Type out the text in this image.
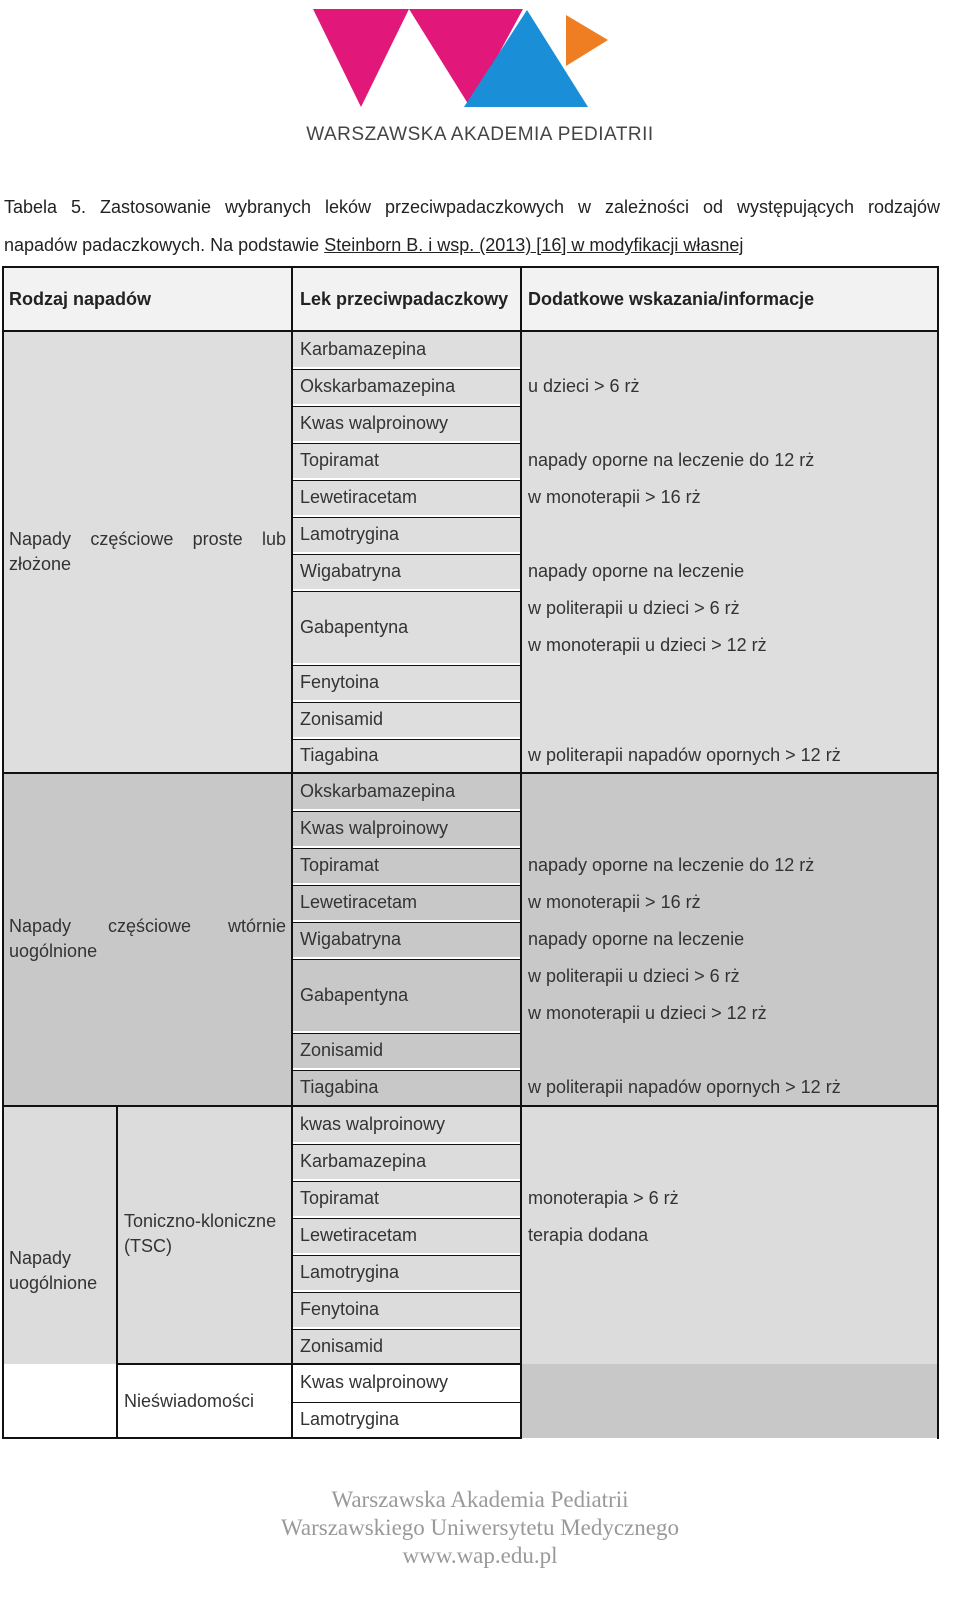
WARSZAWSKA AKADEMIA PEDIATRII
Tabela 5. Zastosowanie wybranych leków przeciwpadaczkowych w zależności od występujących rodzajów
napadów padaczkowych. Na podstawie Steinborn B. i wsp. (2013) [16] w modyfikacji własnej
Rodzaj napadów	Lek przeciwpadaczkowy	Dodatkowe wskazania/informacje
Napady częściowe proste lub złożone
Napady częściowe wtórnie uogólnione
Napady uogólnione
Toniczno-kloniczne (TSC)
Nieświadomości
Karbamazepina
Okskarbamazepina
Kwas walproinowy
Topiramat
Lewetiracetam
Lamotrygina
Wigabatryna
Gabapentyna
Fenytoina
Zonisamid
Tiagabina
u dzieci > 6 rż
napady oporne na leczenie do 12 rż
w monoterapii > 16 rż
napady oporne na leczenie
w politerapii u dzieci > 6 rż
w monoterapii u dzieci > 12 rż
w politerapii napadów opornych > 12 rż
Okskarbamazepina
Kwas walproinowy
Topiramat
Lewetiracetam
Wigabatryna
Gabapentyna
Zonisamid
Tiagabina
napady oporne na leczenie do 12 rż
w monoterapii > 16 rż
napady oporne na leczenie
w politerapii u dzieci > 6 rż
w monoterapii u dzieci > 12 rż
w politerapii napadów opornych > 12 rż
kwas walproinowy
Karbamazepina
Topiramat
Lewetiracetam
Lamotrygina
Fenytoina
Zonisamid
monoterapia > 6 rż
terapia dodana
Kwas walproinowy
Lamotrygina
Warszawska Akademia Pediatrii
Warszawskiego Uniwersytetu Medycznego
www.wap.edu.pl
